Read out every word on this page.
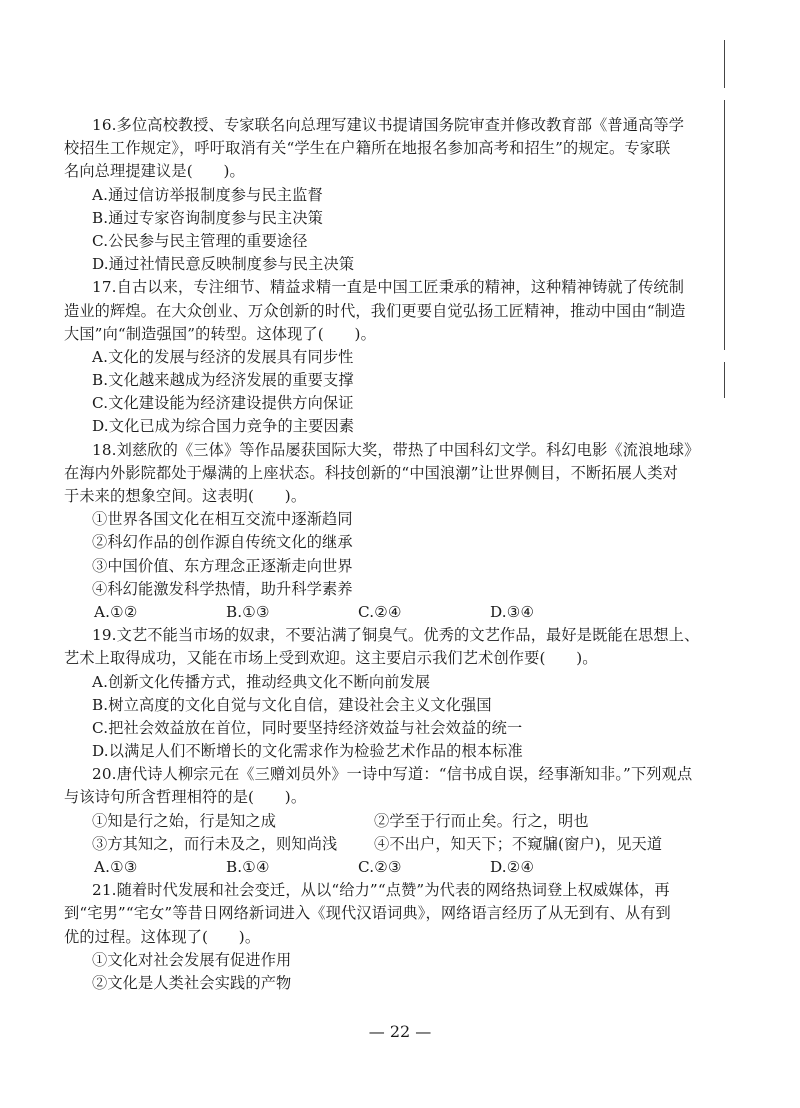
16.多位高校教授、专家联名向总理写建议书提请国务院审查并修改教育部《普通高等学
校招生工作规定》，呼吁取消有关“学生在户籍所在地报名参加高考和招生”的规定。专家联
名向总理提建议是(　　)。
A.通过信访举报制度参与民主监督
B.通过专家咨询制度参与民主决策
C.公民参与民主管理的重要途径
D.通过社情民意反映制度参与民主决策
17.自古以来，专注细节、精益求精一直是中国工匠秉承的精神，这种精神铸就了传统制
造业的辉煌。在大众创业、万众创新的时代，我们更要自觉弘扬工匠精神，推动中国由“制造
大国”向“制造强国”的转型。这体现了(　　)。
A.文化的发展与经济的发展具有同步性
B.文化越来越成为经济发展的重要支撑
C.文化建设能为经济建设提供方向保证
D.文化已成为综合国力竞争的主要因素
18.刘慈欣的《三体》等作品屡获国际大奖，带热了中国科幻文学。科幻电影《流浪地球》
在海内外影院都处于爆满的上座状态。科技创新的“中国浪潮”让世界侧目，不断拓展人类对
于未来的想象空间。这表明(　　)。
①世界各国文化在相互交流中逐渐趋同
②科幻作品的创作源自传统文化的继承
③中国价值、东方理念正逐渐走向世界
④科幻能激发科学热情，助升科学素养
A.①②	B.①③	C.②④	D.③④
19.文艺不能当市场的奴隶，不要沾满了铜臭气。优秀的文艺作品，最好是既能在思想上、
艺术上取得成功，又能在市场上受到欢迎。这主要启示我们艺术创作要(　　)。
A.创新文化传播方式，推动经典文化不断向前发展
B.树立高度的文化自觉与文化自信，建设社会主义文化强国
C.把社会效益放在首位，同时要坚持经济效益与社会效益的统一
D.以满足人们不断增长的文化需求作为检验艺术作品的根本标准
20.唐代诗人柳宗元在《三赠刘员外》一诗中写道：“信书成自误，经事渐知非。”下列观点
与该诗句所含哲理相符的是(　　)。
①知是行之始，行是知之成	②学至于行而止矣。行之，明也
③方其知之，而行未及之，则知尚浅	④不出户，知天下；不窥牖(窗户)，见天道
A.①③	B.①④	C.②③	D.②④
21.随着时代发展和社会变迁，从以“给力”“点赞”为代表的网络热词登上权威媒体，再
到“宅男”“宅女”等昔日网络新词进入《现代汉语词典》，网络语言经历了从无到有、从有到
优的过程。这体现了(　　)。
①文化对社会发展有促进作用
②文化是人类社会实践的产物
— 22 —
